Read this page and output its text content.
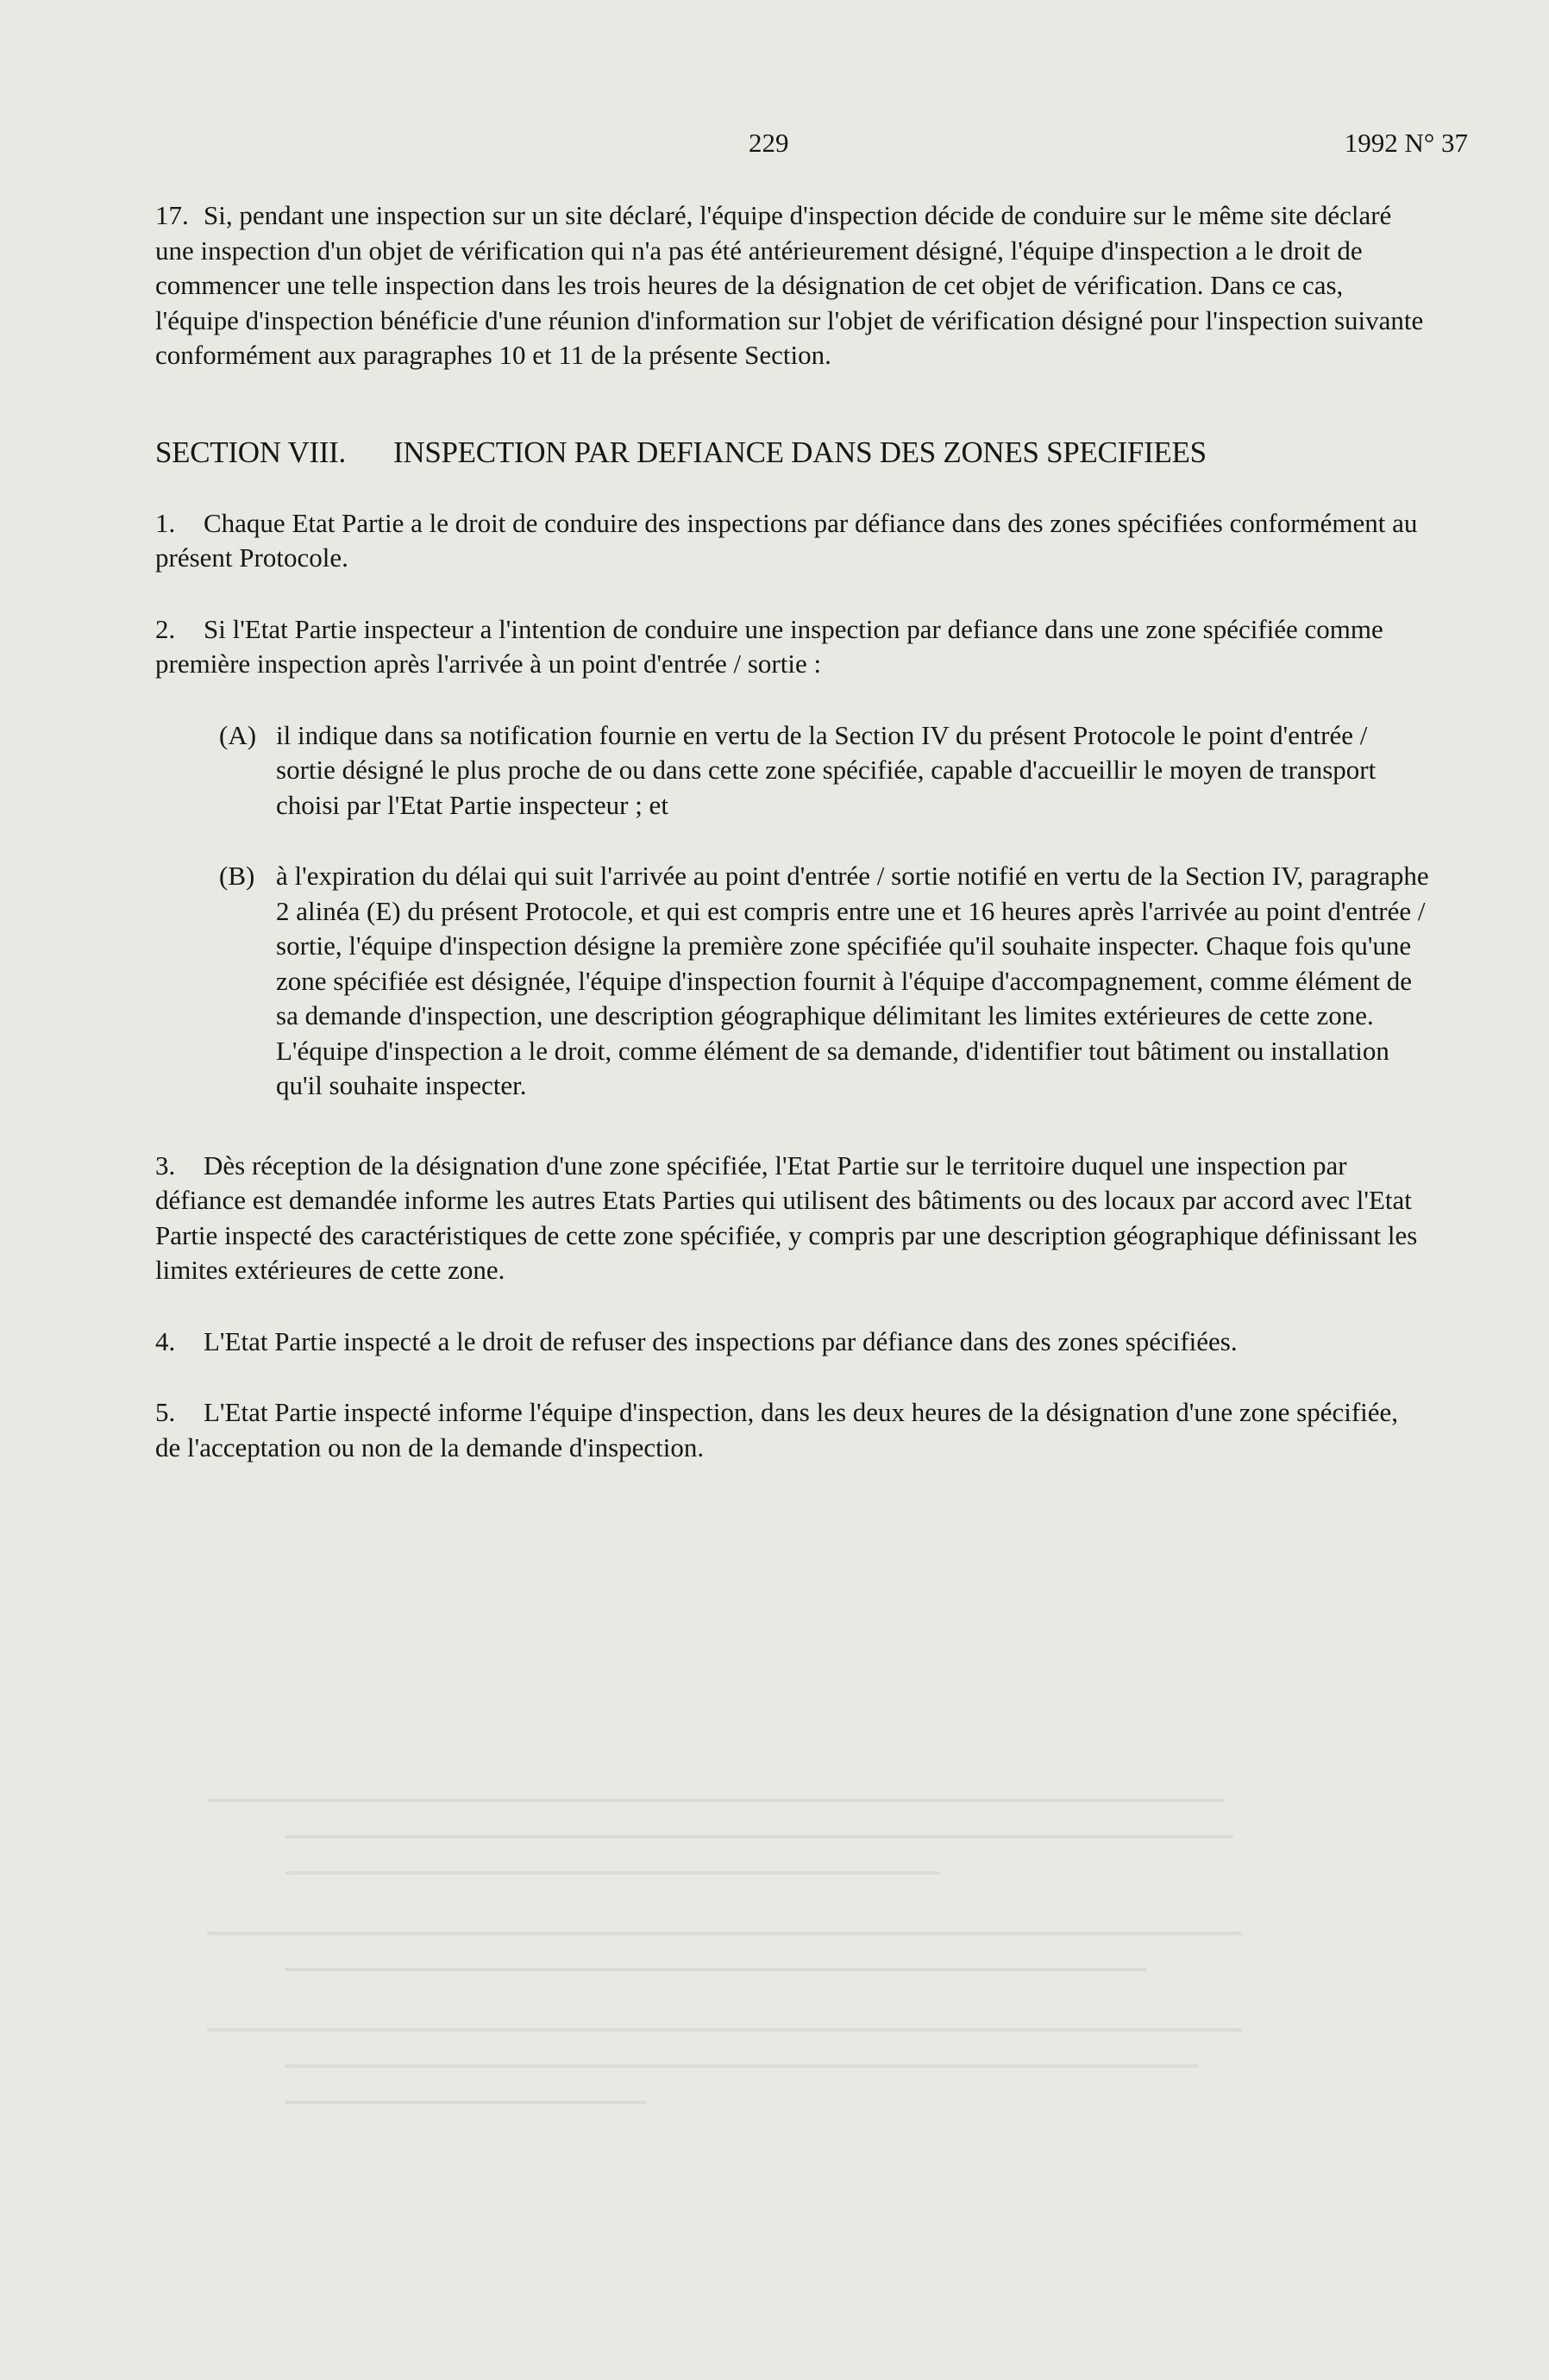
229	1992 N° 37

17. Si, pendant une inspection sur un site déclaré, l'équipe d'inspection décide de conduire sur le même site déclaré une inspection d'un objet de vérification qui n'a pas été antérieurement désigné, l'équipe d'inspection a le droit de commencer une telle inspection dans les trois heures de la désignation de cet objet de vérification. Dans ce cas, l'équipe d'inspection bénéficie d'une réunion d'information sur l'objet de vérification désigné pour l'inspection suivante conformément aux paragraphes 10 et 11 de la présente Section.

SECTION VIII. INSPECTION PAR DEFIANCE DANS DES ZONES SPECIFIEES

1. Chaque Etat Partie a le droit de conduire des inspections par défiance dans des zones spécifiées conformément au présent Protocole.

2. Si l'Etat Partie inspecteur a l'intention de conduire une inspection par defiance dans une zone spécifiée comme première inspection après l'arrivée à un point d'entrée / sortie :

(A) il indique dans sa notification fournie en vertu de la Section IV du présent Protocole le point d'entrée / sortie désigné le plus proche de ou dans cette zone spécifiée, capable d'accueillir le moyen de transport choisi par l'Etat Partie inspecteur ; et
(B) à l'expiration du délai qui suit l'arrivée au point d'entrée / sortie notifié en vertu de la Section IV, paragraphe 2 alinéa (E) du présent Protocole, et qui est compris entre une et 16 heures après l'arrivée au point d'entrée / sortie, l'équipe d'inspection désigne la première zone spécifiée qu'il souhaite inspecter. Chaque fois qu'une zone spécifiée est désignée, l'équipe d'inspection fournit à l'équipe d'accompagnement, comme élément de sa demande d'inspection, une description géographique délimitant les limites extérieures de cette zone. L'équipe d'inspection a le droit, comme élément de sa demande, d'identifier tout bâtiment ou installation qu'il souhaite inspecter.

3. Dès réception de la désignation d'une zone spécifiée, l'Etat Partie sur le territoire duquel une inspection par défiance est demandée informe les autres Etats Parties qui utilisent des bâtiments ou des locaux par accord avec l'Etat Partie inspecté des caractéristiques de cette zone spécifiée, y compris par une description géographique définissant les limites extérieures de cette zone.

4. L'Etat Partie inspecté a le droit de refuser des inspections par défiance dans des zones spécifiées.

5. L'Etat Partie inspecté informe l'équipe d'inspection, dans les deux heures de la désignation d'une zone spécifiée, de l'acceptation ou non de la demande d'inspection.
